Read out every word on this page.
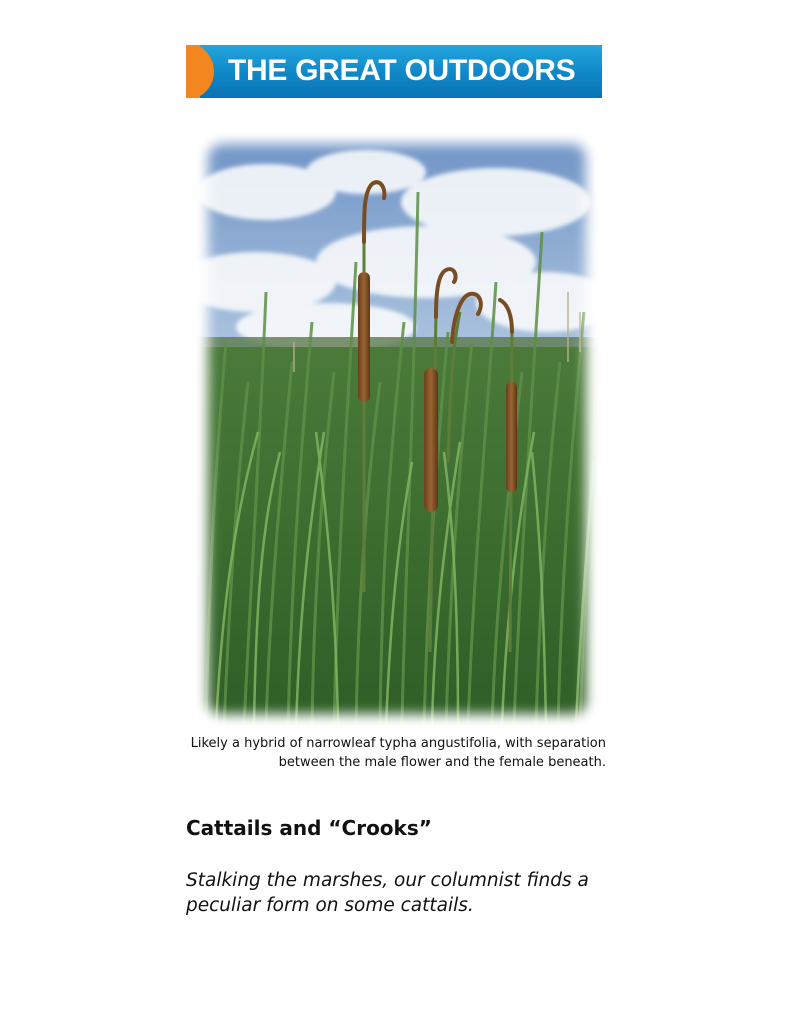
THE GREAT OUTDOORS
Likely a hybrid of narrowleaf typha angustifolia, with separation between the male flower and the female beneath.
Cattails and “Crooks”
Stalking the marshes, our columnist finds a peculiar form on some cattails.
